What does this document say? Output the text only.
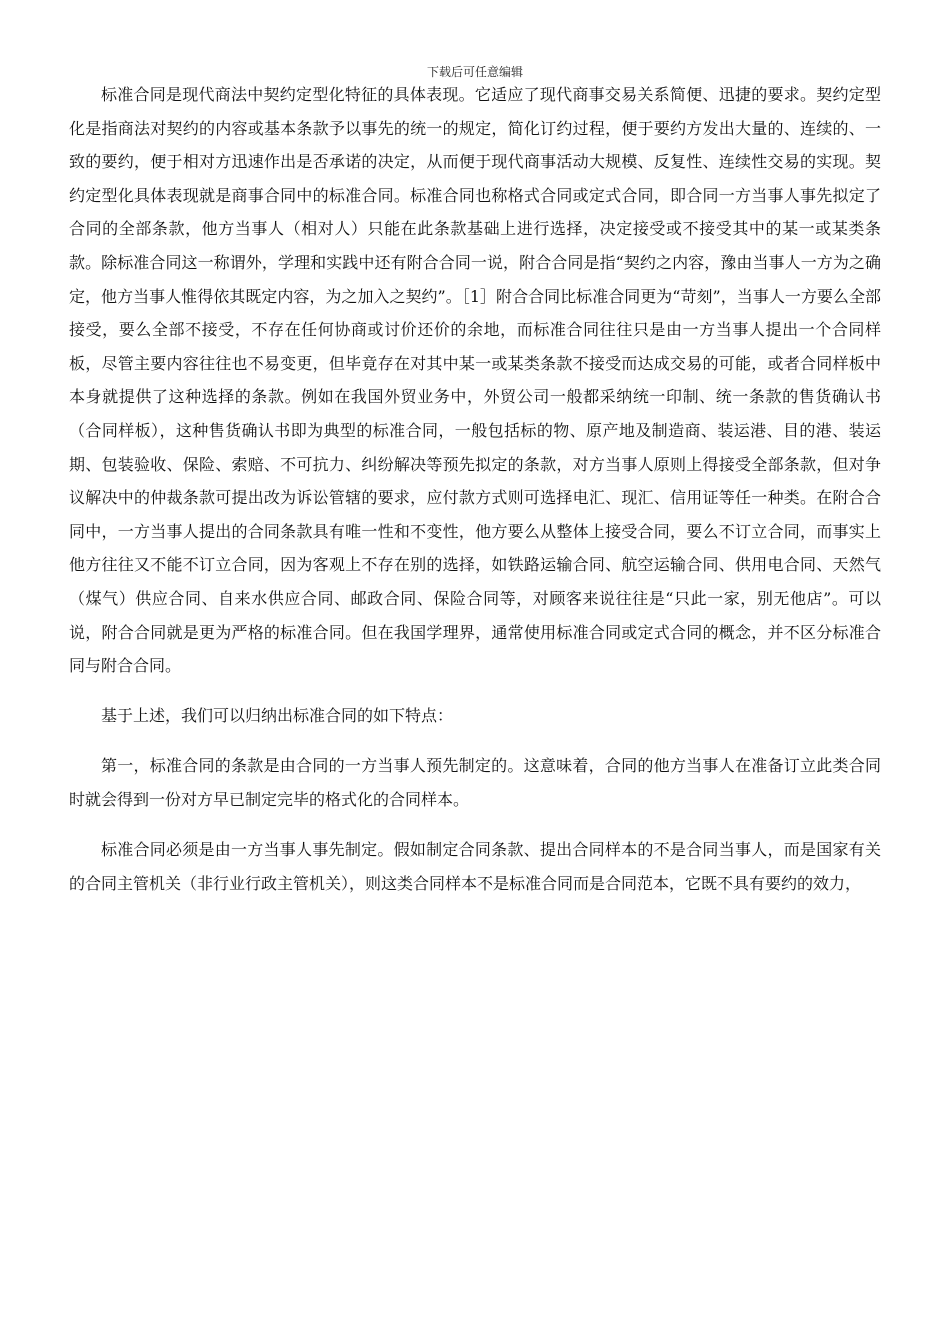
下载后可任意编辑

标准合同是现代商法中契约定型化特征的具体表现。它适应了现代商事交易关系简便、迅捷的要求。契约定型化是指商法对契约的内容或基本条款予以事先的统一的规定，简化订约过程，便于要约方发出大量的、连续的、一致的要约，便于相对方迅速作出是否承诺的决定，从而便于现代商事活动大规模、反复性、连续性交易的实现。契约定型化具体表现就是商事合同中的标准合同。标准合同也称格式合同或定式合同，即合同一方当事人事先拟定了合同的全部条款，他方当事人（相对人）只能在此条款基础上进行选择，决定接受或不接受其中的某一或某类条款。除标准合同这一称谓外，学理和实践中还有附合合同一说，附合合同是指“契约之内容，豫由当事人一方为之确定，他方当事人惟得依其既定内容，为之加入之契约”。［1］附合合同比标准合同更为“苛刻”，当事人一方要么全部接受，要么全部不接受，不存在任何协商或讨价还价的余地，而标准合同往往只是由一方当事人提出一个合同样板，尽管主要内容往往也不易变更，但毕竟存在对其中某一或某类条款不接受而达成交易的可能，或者合同样板中本身就提供了这种选择的条款。例如在我国外贸业务中，外贸公司一般都采纳统一印制、统一条款的售货确认书（合同样板），这种售货确认书即为典型的标准合同，一般包括标的物、原产地及制造商、装运港、目的港、装运期、包装验收、保险、索赔、不可抗力、纠纷解决等预先拟定的条款，对方当事人原则上得接受全部条款，但对争议解决中的仲裁条款可提出改为诉讼管辖的要求，应付款方式则可选择电汇、现汇、信用证等任一种类。在附合合同中，一方当事人提出的合同条款具有唯一性和不变性，他方要么从整体上接受合同，要么不订立合同，而事实上他方往往又不能不订立合同，因为客观上不存在别的选择，如铁路运输合同、航空运输合同、供用电合同、天然气（煤气）供应合同、自来水供应合同、邮政合同、保险合同等，对顾客来说往往是“只此一家，别无他店”。可以说，附合合同就是更为严格的标准合同。但在我国学理界，通常使用标准合同或定式合同的概念，并不区分标准合同与附合合同。

基于上述，我们可以归纳出标准合同的如下特点：

第一，标准合同的条款是由合同的一方当事人预先制定的。这意味着，合同的他方当事人在准备订立此类合同时就会得到一份对方早已制定完毕的格式化的合同样本。

标准合同必须是由一方当事人事先制定。假如制定合同条款、提出合同样本的不是合同当事人，而是国家有关的合同主管机关（非行业行政主管机关），则这类合同样本不是标准合同而是合同范本，它既不具有要约的效力，
